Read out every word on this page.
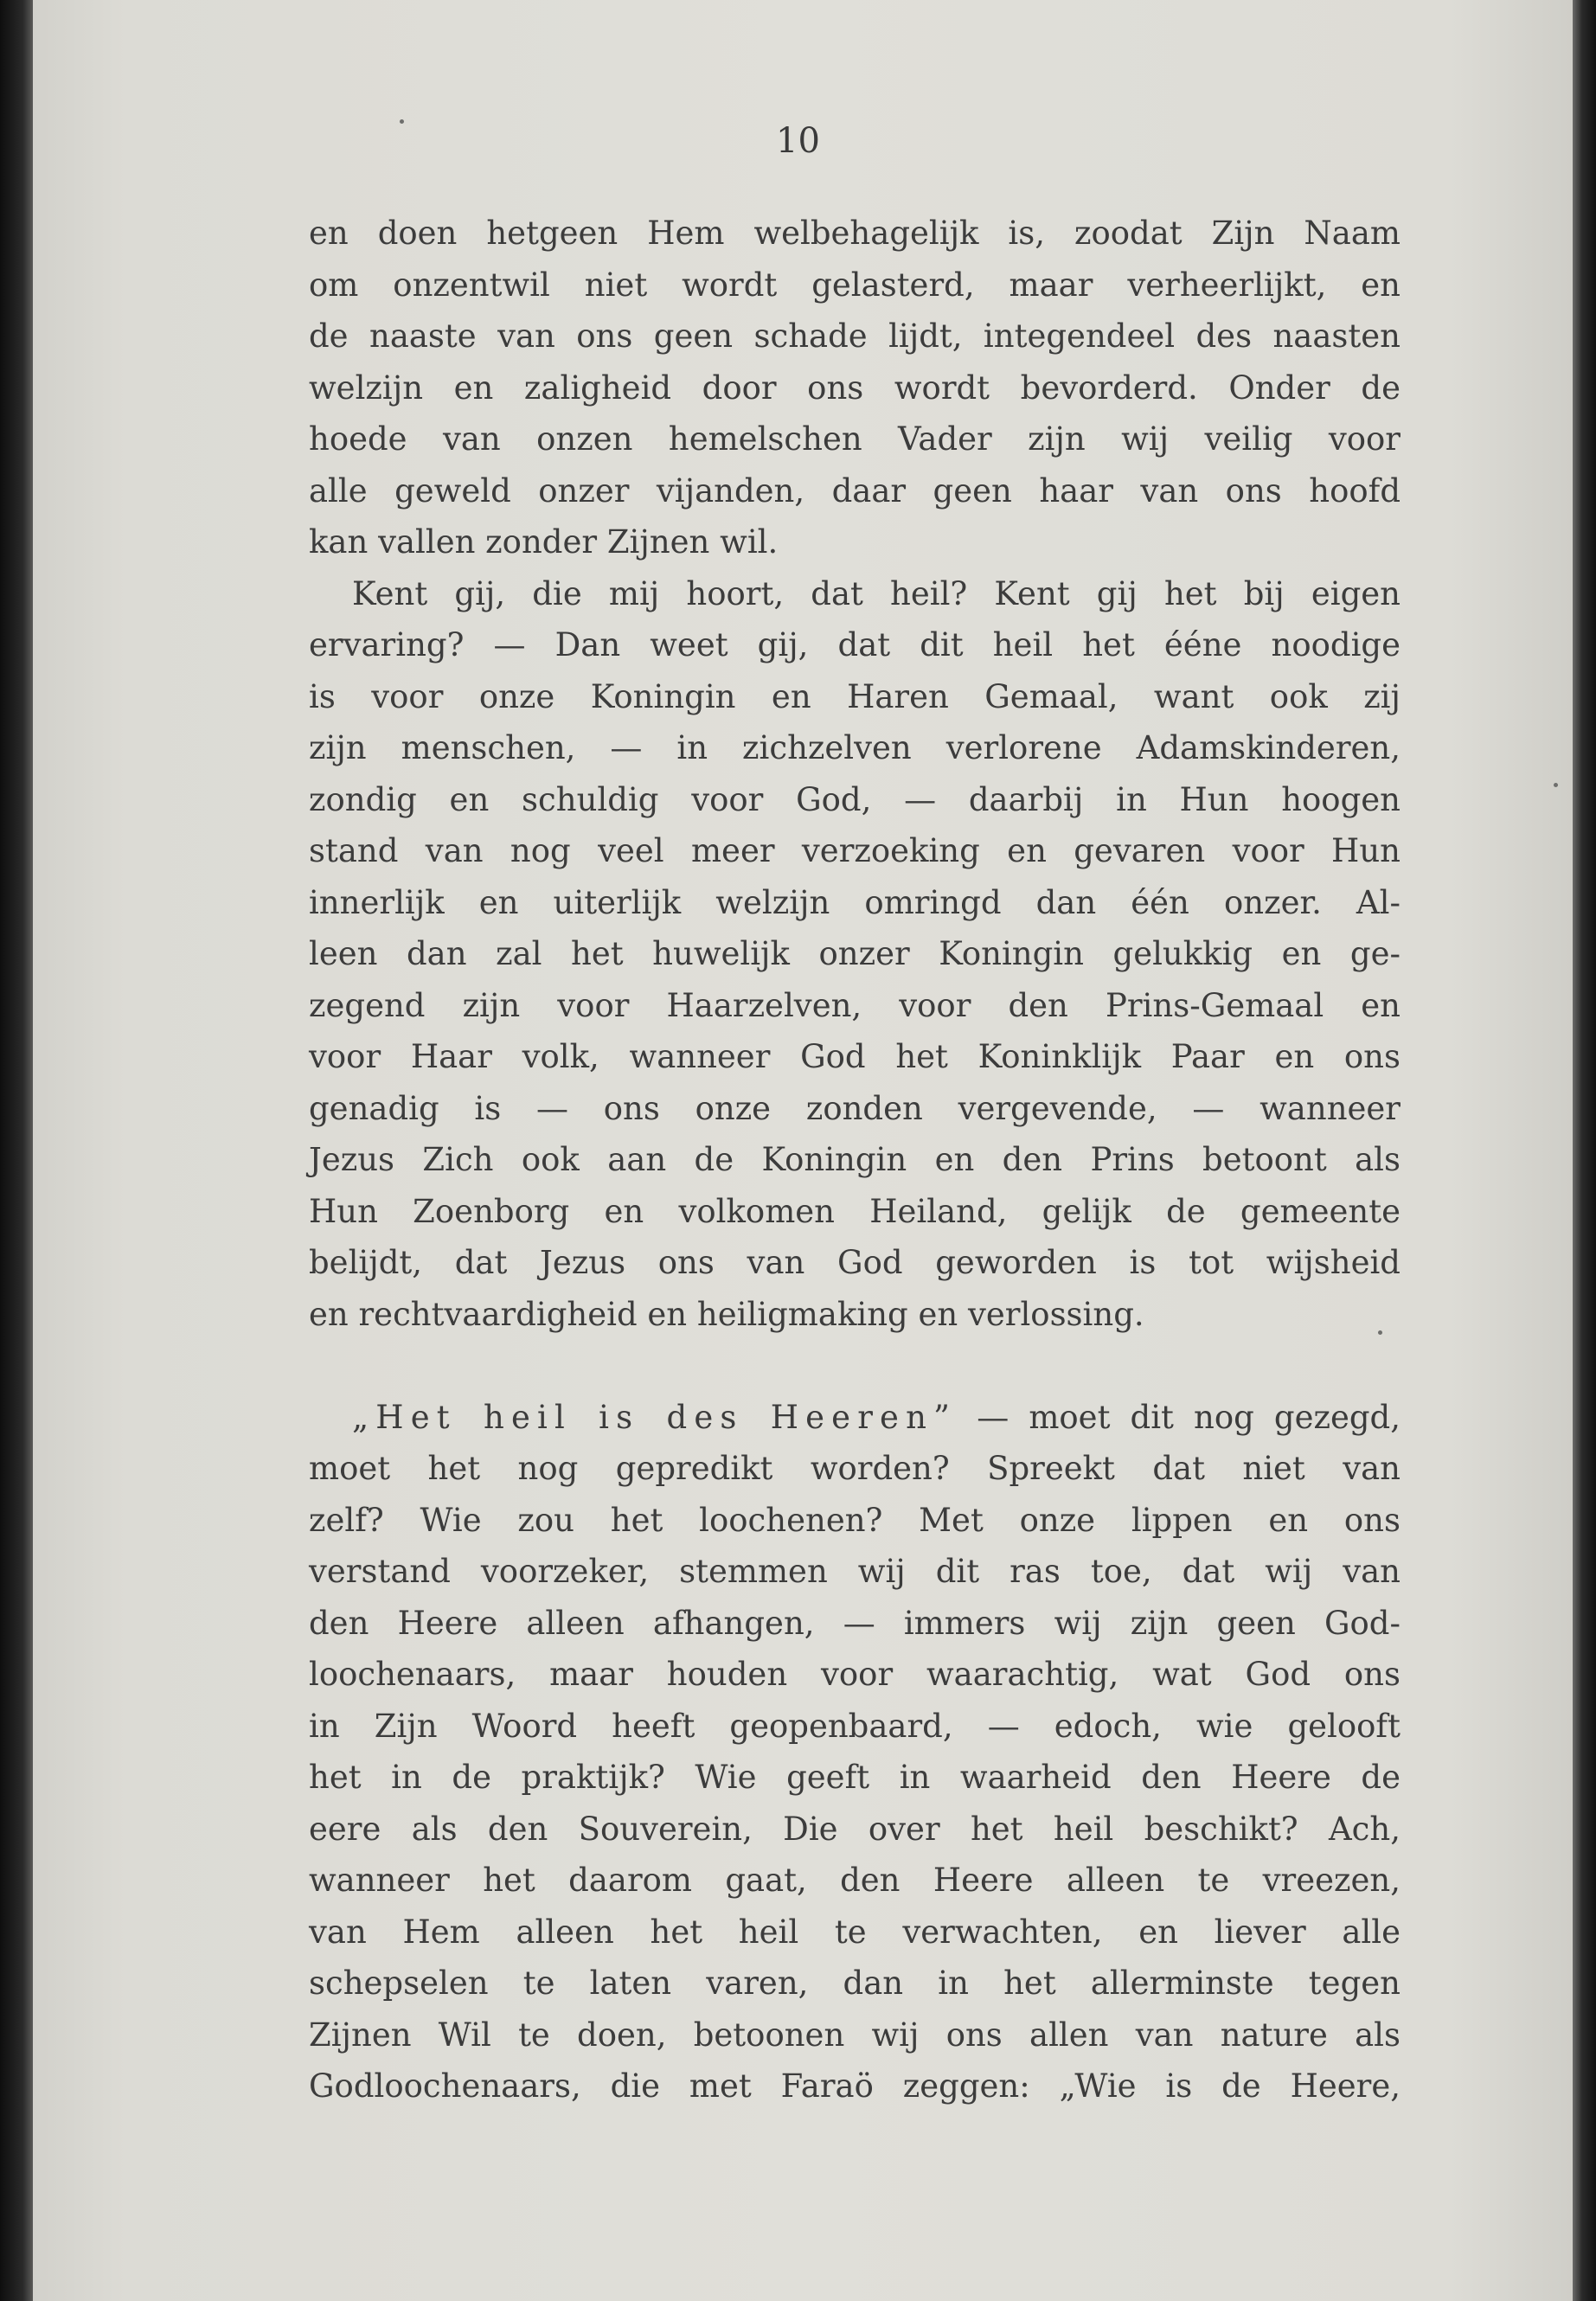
10
en doen hetgeen Hem welbehagelijk is, zoodat Zijn Naam
om onzentwil niet wordt gelasterd, maar verheerlijkt, en
de naaste van ons geen schade lijdt, integendeel des naasten
welzijn en zaligheid door ons wordt bevorderd. Onder de
hoede van onzen hemelschen Vader zijn wij veilig voor
alle geweld onzer vijanden, daar geen haar van ons hoofd
kan vallen zonder Zijnen wil.
Kent gij, die mij hoort, dat heil? Kent gij het bij eigen
ervaring? — Dan weet gij, dat dit heil het éénе noodige
is voor onze Koningin en Haren Gemaal, want ook zij
zijn menschen, — in zichzelven verlorene Adamskinderen,
zondig en schuldig voor God, — daarbij in Hun hoogen
stand van nog veel meer verzoeking en gevaren voor Hun
innerlijk en uiterlijk welzijn omringd dan één onzer. Al-
leen dan zal het huwelijk onzer Koningin gelukkig en ge-
zegend zijn voor Haarzelven, voor den Prins-Gemaal en
voor Haar volk, wanneer God het Koninklijk Paar en ons
genadig is — ons onze zonden vergevende, — wanneer
Jezus Zich ook aan de Koningin en den Prins betoont als
Hun Zoenborg en volkomen Heiland, gelijk de gemeente
belijdt, dat Jezus ons van God geworden is tot wijsheid
en rechtvaardigheid en heiligmaking en verlossing.
„Het heil is des Heeren” — moet dit nog gezegd,
moet het nog gepredikt worden? Spreekt dat niet van
zelf? Wie zou het loochenen? Met onze lippen en ons
verstand voorzeker, stemmen wij dit ras toe, dat wij van
den Heere alleen afhangen, — immers wij zijn geen God-
loochenaars, maar houden voor waarachtig, wat God ons
in Zijn Woord heeft geopenbaard, — edoch, wie gelooft
het in de praktijk? Wie geeft in waarheid den Heere de
eere als den Souverein, Die over het heil beschikt? Ach,
wanneer het daarom gaat, den Heere alleen te vreezen,
van Hem alleen het heil te verwachten, en liever alle
schepselen te laten varen, dan in het allerminste tegen
Zijnen Wil te doen, betoonen wij ons allen van nature als
Godloochenaars, die met Faraö zeggen: „Wie is de Heere,
